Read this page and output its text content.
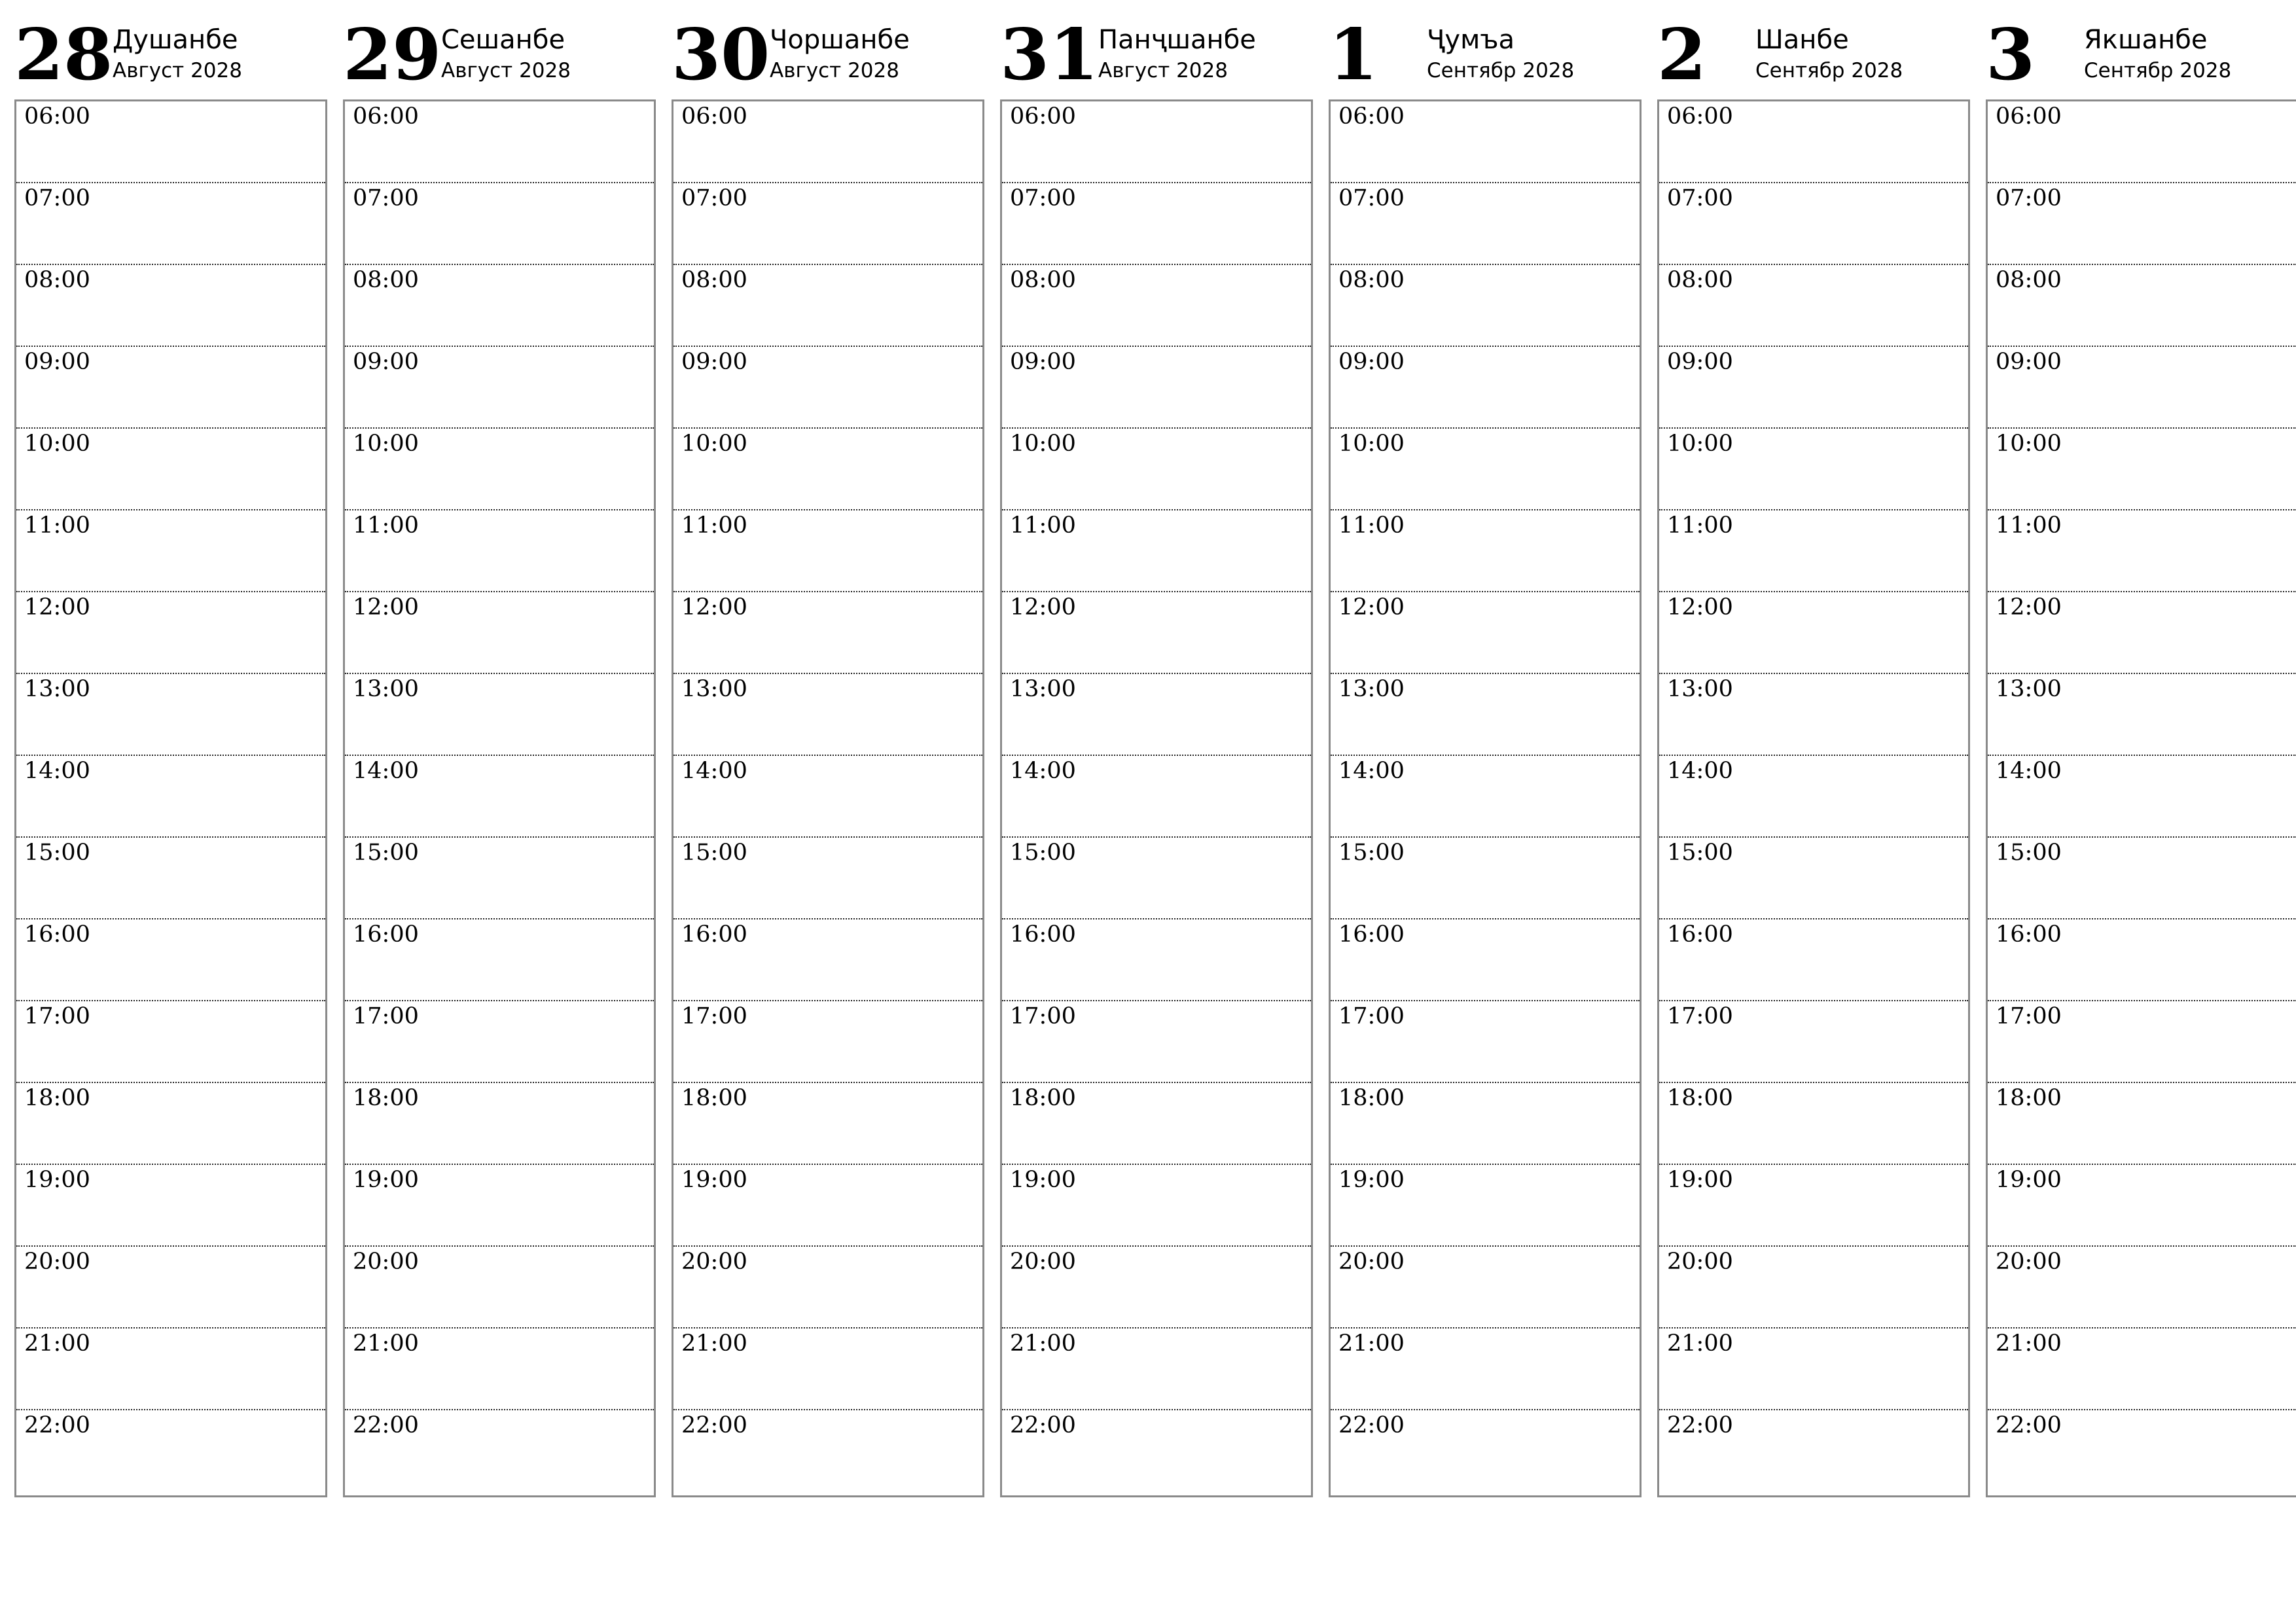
28 Душанбе
Август 2028
06:00
07:00
08:00
09:00
10:00
11:00
12:00
13:00
14:00
15:00
16:00
17:00
18:00
19:00
20:00
21:00
22:00
29 Сешанбе
Август 2028
06:00
07:00
08:00
09:00
10:00
11:00
12:00
13:00
14:00
15:00
16:00
17:00
18:00
19:00
20:00
21:00
22:00
30 Чоршанбе
Август 2028
06:00
07:00
08:00
09:00
10:00
11:00
12:00
13:00
14:00
15:00
16:00
17:00
18:00
19:00
20:00
21:00
22:00
31 Панҷшанбе
Август 2028
06:00
07:00
08:00
09:00
10:00
11:00
12:00
13:00
14:00
15:00
16:00
17:00
18:00
19:00
20:00
21:00
22:00
1	Ҷумъа
Сентябр 2028
06:00
07:00
08:00
09:00
10:00
11:00
12:00
13:00
14:00
15:00
16:00
17:00
18:00
19:00
20:00
21:00
22:00
2	Шанбе
Сентябр 2028
06:00
07:00
08:00
09:00
10:00
11:00
12:00
13:00
14:00
15:00
16:00
17:00
18:00
19:00
20:00
21:00
22:00
3	Якшанбе
Сентябр 2028
06:00
07:00
08:00
09:00
10:00
11:00
12:00
13:00
14:00
15:00
16:00
17:00
18:00
19:00
20:00
21:00
22:00
